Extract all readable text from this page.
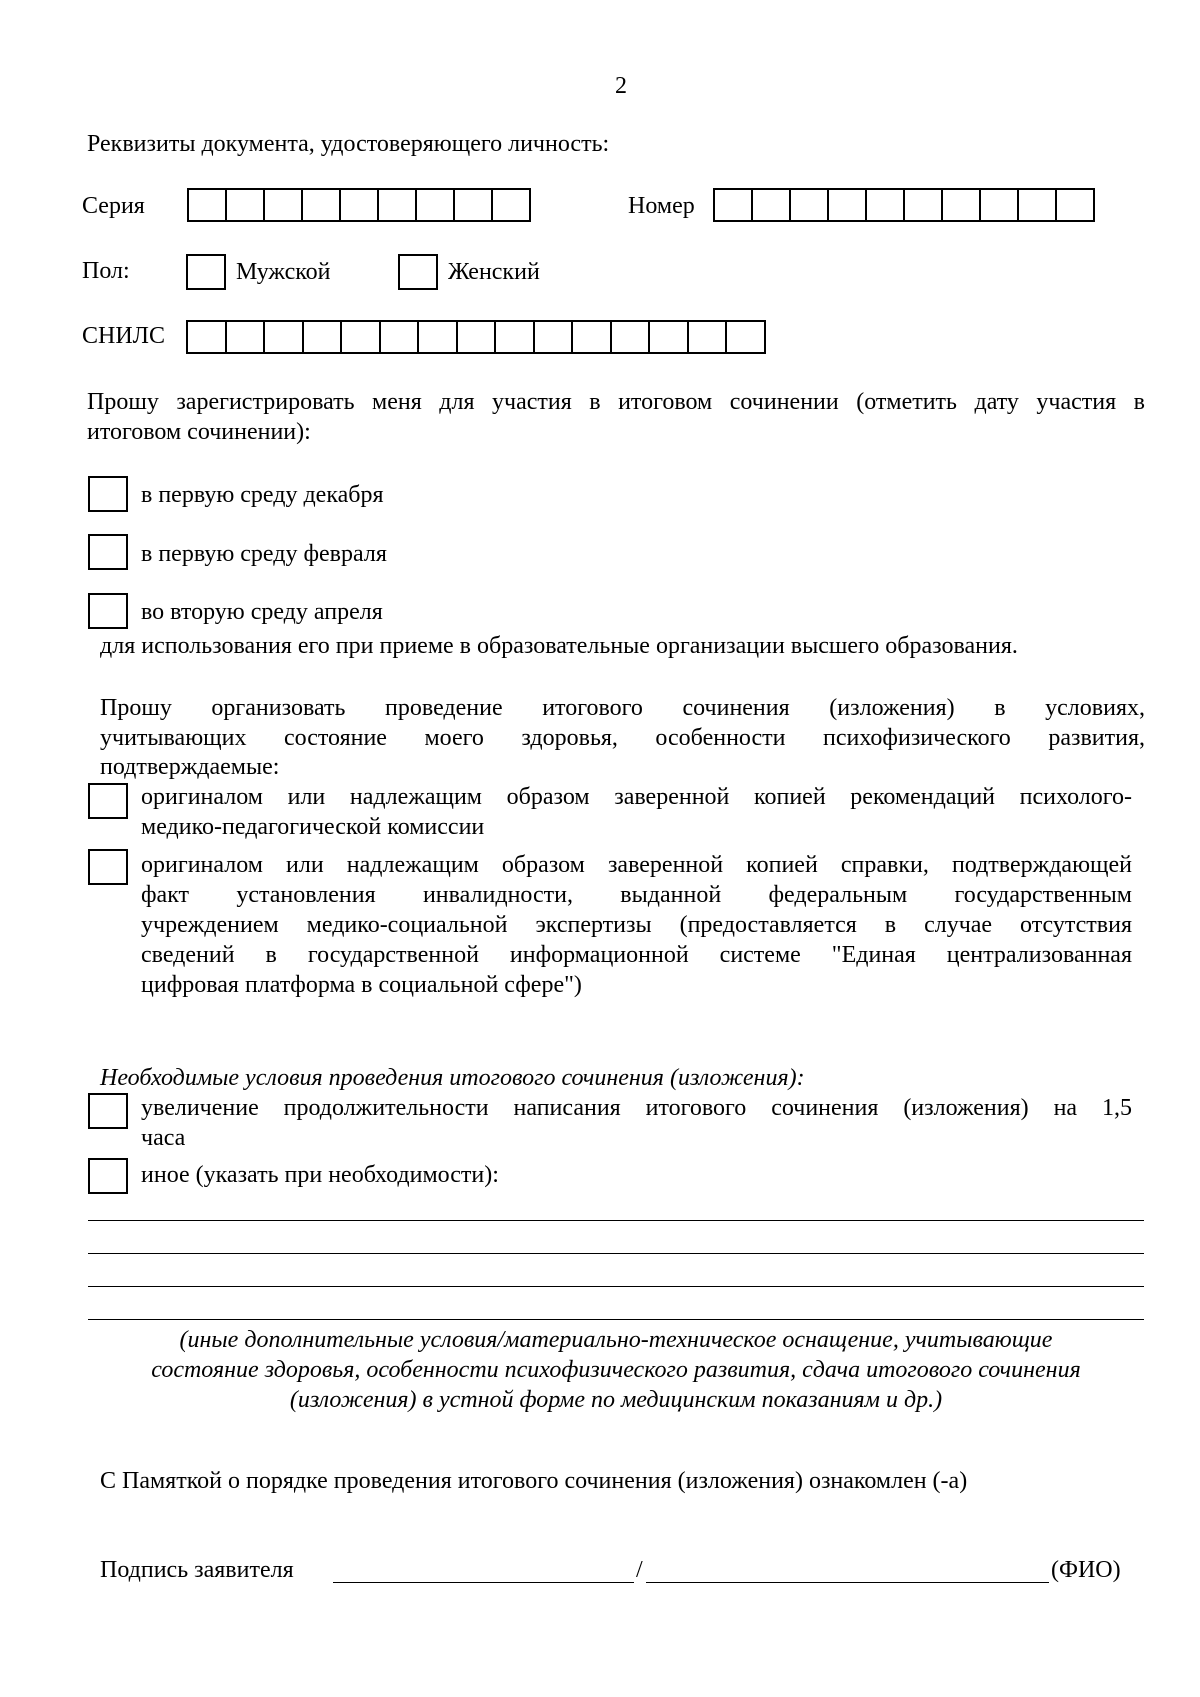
2
Реквизиты документа, удостоверяющего личность:
Серия	Номер
Пол:	Мужской	Женский
СНИЛС
Прошу зарегистрировать меня для участия в итоговом сочинении (отметить дату участия в
итоговом сочинении):
в первую среду декабря
в первую среду февраля
во вторую среду апреля
для использования его при приеме в образовательные организации высшего образования.
Прошу организовать проведение итогового сочинения (изложения) в условиях,
учитывающих состояние моего здоровья, особенности психофизического развития,
подтверждаемые:
оригиналом или надлежащим образом заверенной копией рекомендаций психолого-
медико-педагогической комиссии
оригиналом или надлежащим образом заверенной копией справки, подтверждающей
факт установления инвалидности, выданной федеральным государственным
учреждением медико-социальной экспертизы (предоставляется в случае отсутствия
сведений в государственной информационной системе "Единая централизованная
цифровая платформа в социальной сфере")
Необходимые условия проведения итогового сочинения (изложения):
увеличение продолжительности написания итогового сочинения (изложения) на 1,5
часа
иное (указать при необходимости):
(иные дополнительные условия/материально-техническое оснащение, учитывающие
состояние здоровья, особенности психофизического развития, сдача итогового сочинения
(изложения) в устной форме по медицинским показаниям и др.)
С Памяткой о порядке проведения итогового сочинения (изложения) ознакомлен (-а)
Подпись заявителя	/	(ФИО)
